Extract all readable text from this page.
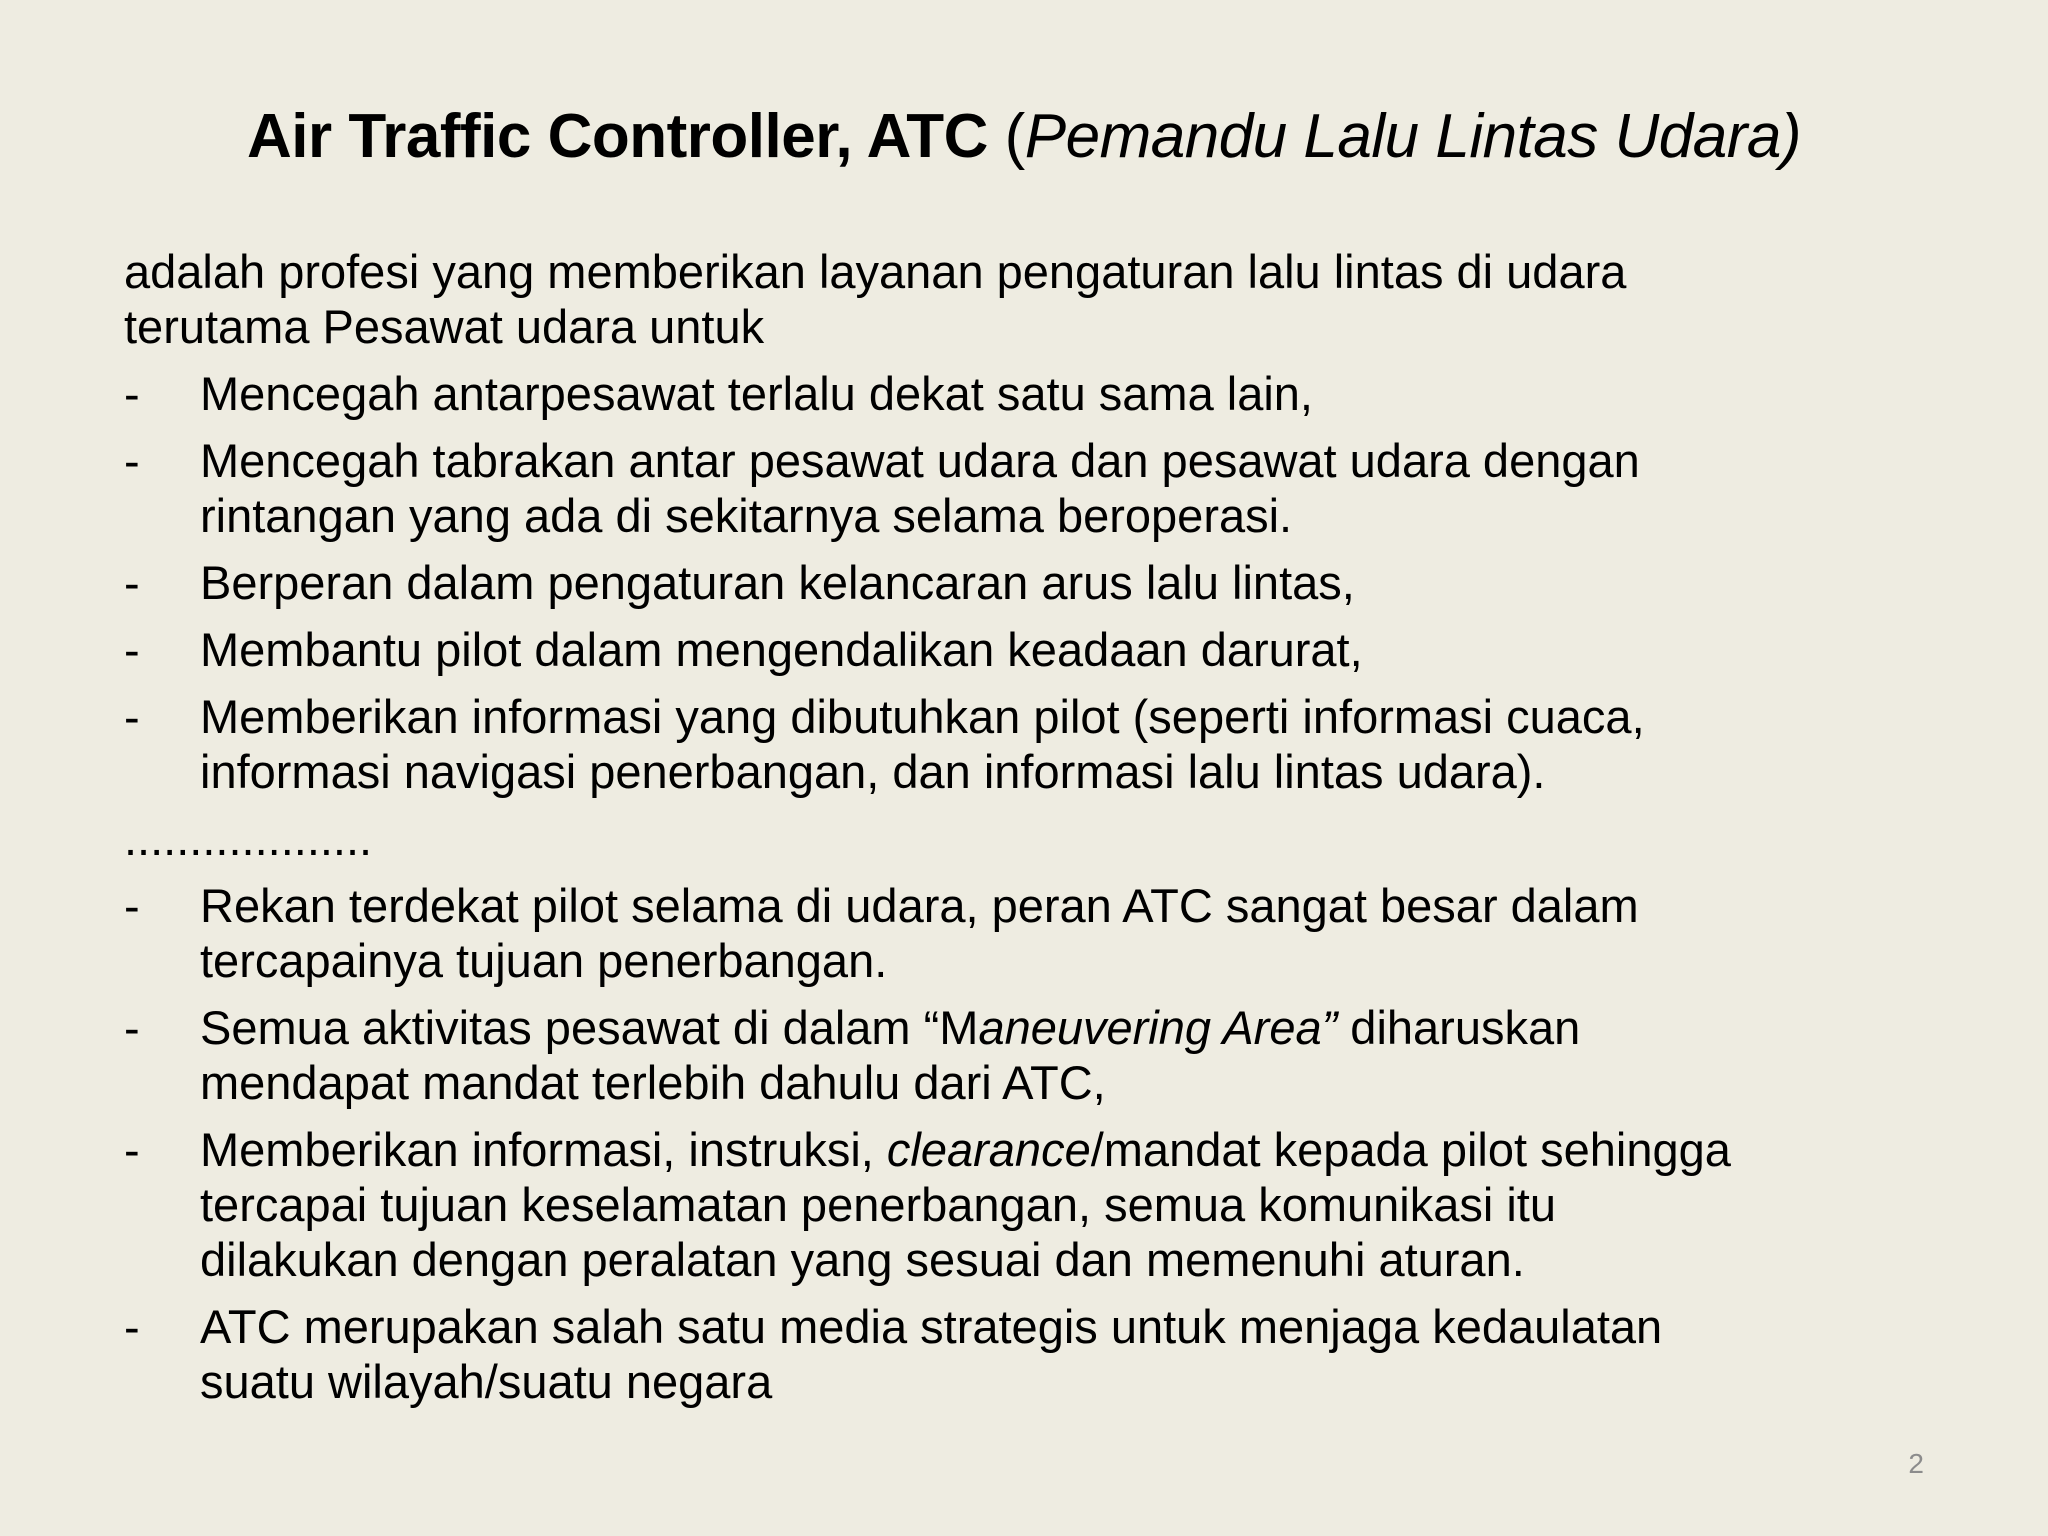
Air Traffic Controller, ATC (Pemandu Lalu Lintas Udara)
adalah profesi yang memberikan layanan pengaturan lalu lintas di udara
terutama Pesawat udara untuk
- Mencegah antarpesawat terlalu dekat satu sama lain,
- Mencegah tabrakan antar pesawat udara dan pesawat udara dengan
rintangan yang ada di sekitarnya selama beroperasi.
- Berperan dalam pengaturan kelancaran arus lalu lintas,
- Membantu pilot dalam mengendalikan keadaan darurat,
- Memberikan informasi yang dibutuhkan pilot (seperti informasi cuaca,
informasi navigasi penerbangan, dan informasi lalu lintas udara).
...................
- Rekan terdekat pilot selama di udara, peran ATC sangat besar dalam
tercapainya tujuan penerbangan.
- Semua aktivitas pesawat di dalam “Maneuvering Area” diharuskan
mendapat mandat terlebih dahulu dari ATC,
- Memberikan informasi, instruksi, clearance/mandat kepada pilot sehingga
tercapai tujuan keselamatan penerbangan, semua komunikasi itu
dilakukan dengan peralatan yang sesuai dan memenuhi aturan.
- ATC merupakan salah satu media strategis untuk menjaga kedaulatan
suatu wilayah/suatu negara
2
